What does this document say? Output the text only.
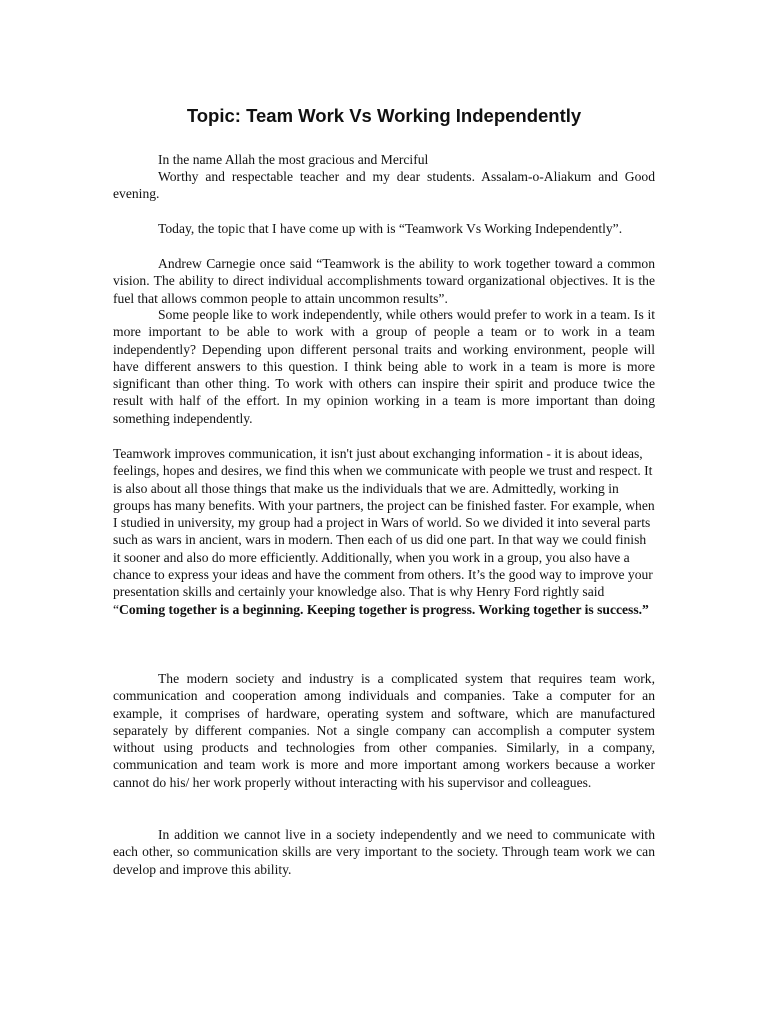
Topic: Team Work Vs Working Independently

In the name Allah the most gracious and Merciful

Worthy and respectable teacher and my dear students. Assalam-o-Aliakum and Good evening.

Today, the topic that I have come up with is “Teamwork Vs Working Independently”.

Andrew Carnegie once said “Teamwork is the ability to work together toward a common vision. The ability to direct individual accomplishments toward organizational objectives. It is the fuel that allows common people to attain uncommon results”.

Some people like to work independently, while others would prefer to work in a team. Is it more important to be able to work with a group of people a team or to work in a team independently? Depending upon different personal traits and working environment, people will have different answers to this question. I think being able to work in a team is more is more significant than other thing. To work with others can inspire their spirit and produce twice the result with half of the effort. In my opinion working in a team is more important than doing something independently.

Teamwork improves communication, it isn't just about exchanging information - it is about ideas, feelings, hopes and desires, we find this when we communicate with people we trust and respect. It is also about all those things that make us the individuals that we are. Admittedly, working in groups has many benefits. With your partners, the project can be finished faster. For example, when I studied in university, my group had a project in Wars of world. So we divided it into several parts such as wars in ancient, wars in modern. Then each of us did one part. In that way we could finish it sooner and also do more efficiently. Additionally, when you work in a group, you also have a chance to express your ideas and have the comment from others. It’s the good way to improve your presentation skills and certainly your knowledge also. That is why Henry Ford rightly said “Coming together is a beginning. Keeping together is progress. Working together is success.”

The modern society and industry is a complicated system that requires team work, communication and cooperation among individuals and companies. Take a computer for an example, it comprises of hardware, operating system and software, which are manufactured separately by different companies. Not a single company can accomplish a computer system without using products and technologies from other companies. Similarly, in a company, communication and team work is more and more important among workers because a worker cannot do his/ her work properly without interacting with his supervisor and colleagues.

In addition we cannot live in a society independently and we need to communicate with each other, so communication skills are very important to the society. Through team work we can develop and improve this ability.
